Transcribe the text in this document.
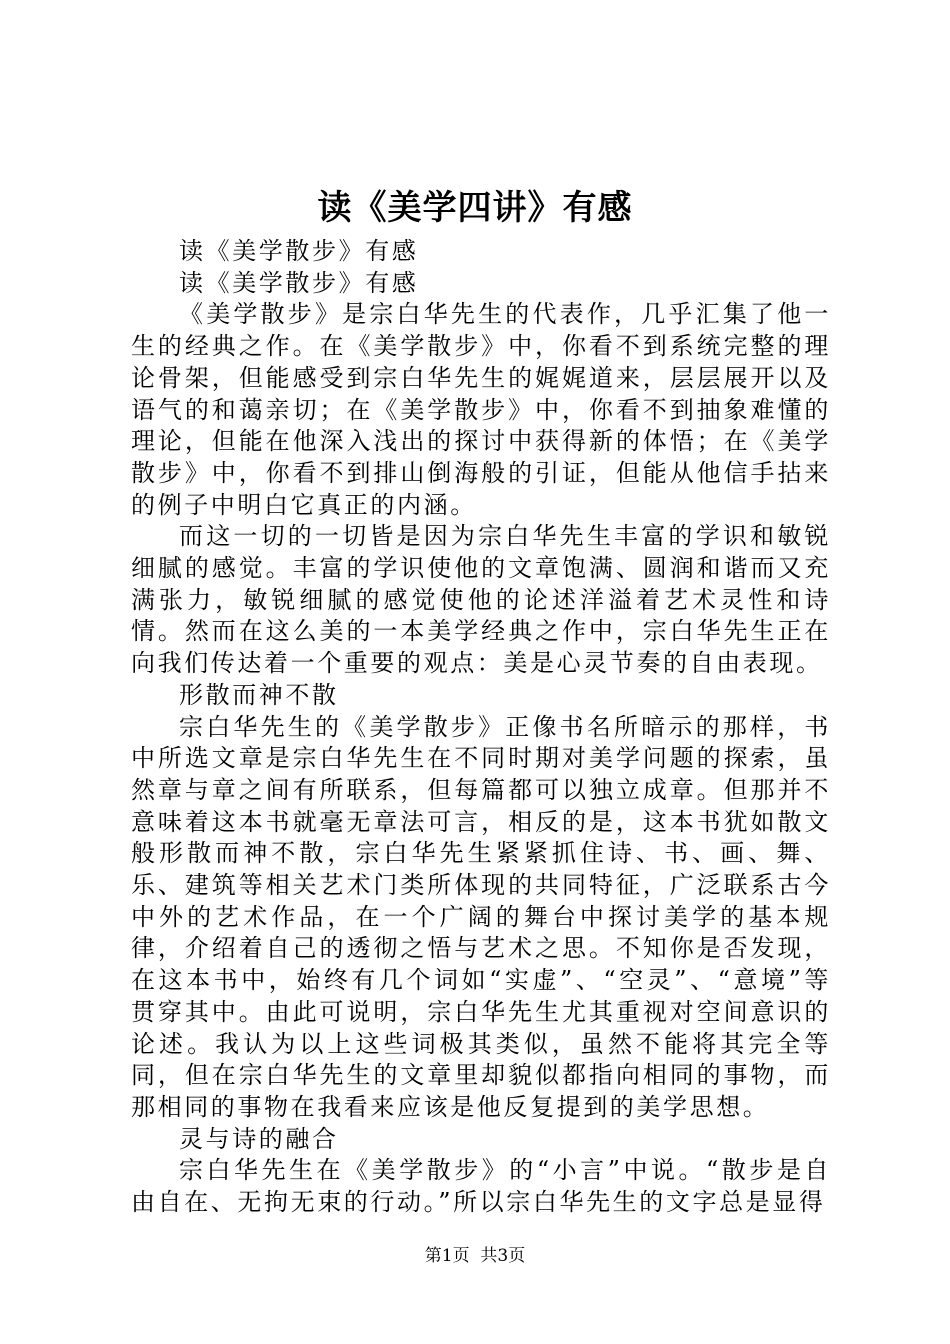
读《美学四讲》有感

读《美学散步》有感

读《美学散步》有感

《美学散步》是宗白华先生的代表作，几乎汇集了他一生的经典之作。在《美学散步》中，你看不到系统完整的理论骨架，但能感受到宗白华先生的娓娓道来，层层展开以及语气的和蔼亲切；在《美学散步》中，你看不到抽象难懂的理论，但能在他深入浅出的探讨中获得新的体悟；在《美学散步》中，你看不到排山倒海般的引证，但能从他信手拈来的例子中明白它真正的内涵。

而这一切的一切皆是因为宗白华先生丰富的学识和敏锐细腻的感觉。丰富的学识使他的文章饱满、圆润和谐而又充满张力，敏锐细腻的感觉使他的论述洋溢着艺术灵性和诗情。然而在这么美的一本美学经典之作中，宗白华先生正在向我们传达着一个重要的观点：美是心灵节奏的自由表现。

形散而神不散

宗白华先生的《美学散步》正像书名所暗示的那样，书中所选文章是宗白华先生在不同时期对美学问题的探索，虽然章与章之间有所联系，但每篇都可以独立成章。但那并不意味着这本书就毫无章法可言，相反的是，这本书犹如散文般形散而神不散，宗白华先生紧紧抓住诗、书、画、舞、乐、建筑等相关艺术门类所体现的共同特征，广泛联系古今中外的艺术作品，在一个广阔的舞台中探讨美学的基本规律，介绍着自己的透彻之悟与艺术之思。不知你是否发现，在这本书中，始终有几个词如“实虚”、“空灵”、“意境”等贯穿其中。由此可说明，宗白华先生尤其重视对空间意识的论述。我认为以上这些词极其类似，虽然不能将其完全等同，但在宗白华先生的文章里却貌似都指向相同的事物，而那相同的事物在我看来应该是他反复提到的美学思想。

灵与诗的融合

宗白华先生在《美学散步》的“小言”中说。“散步是自由自在、无拘无束的行动。”所以宗白华先生的文字总是显得

第1页 共3页
